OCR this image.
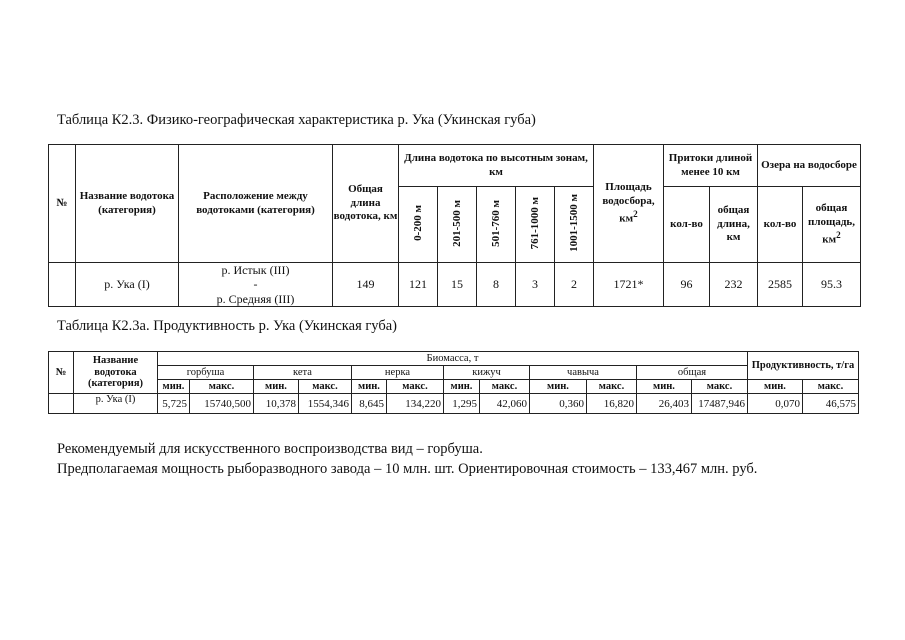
Таблица К2.3. Физико-географическая характеристика р. Ука (Укинская губа)
№	Название водотока (категория)	Расположение между водотоками (категория)	Общая длина водотока, км	Длина водотока по высотным зонам, км					Площадь водосбора, $км^2$	Притоки длиной менее 10 км		Озера на водосборе	
				0-200 м	201-500 м	501-760 м	761-1000 м	1001-1500 м		кол-во	общая длина, км	кол-во	общая площадь, $км^2$
	р. Ука (I)	р. Истык (III)
-
р. Средняя (III)	149	121	15	8	3	2	1721*	96	232	2585	95.3
Таблица К2.3а. Продуктивность р. Ука (Укинская губа)
№	Название водотока (категория)	Биомасса, т												Продуктивность, т/га	
		горбуша		кета		нерка		кижуч		чавыча		общая			
		мин.	макс.	мин.	макс.	мин.	макс.	мин.	макс.	мин.	макс.	мин.	макс.	мин.	макс.
	р. Ука (I)	5,725	15740,500	10,378	1554,346	8,645	134,220	1,295	42,060	0,360	16,820	26,403	17487,946	0,070	46,575
Рекомендуемый для искусственного воспроизводства вид – горбуша.
Предполагаемая мощность рыборазводного завода – 10 млн. шт. Ориентировочная стоимость – 133,467 млн. руб.
